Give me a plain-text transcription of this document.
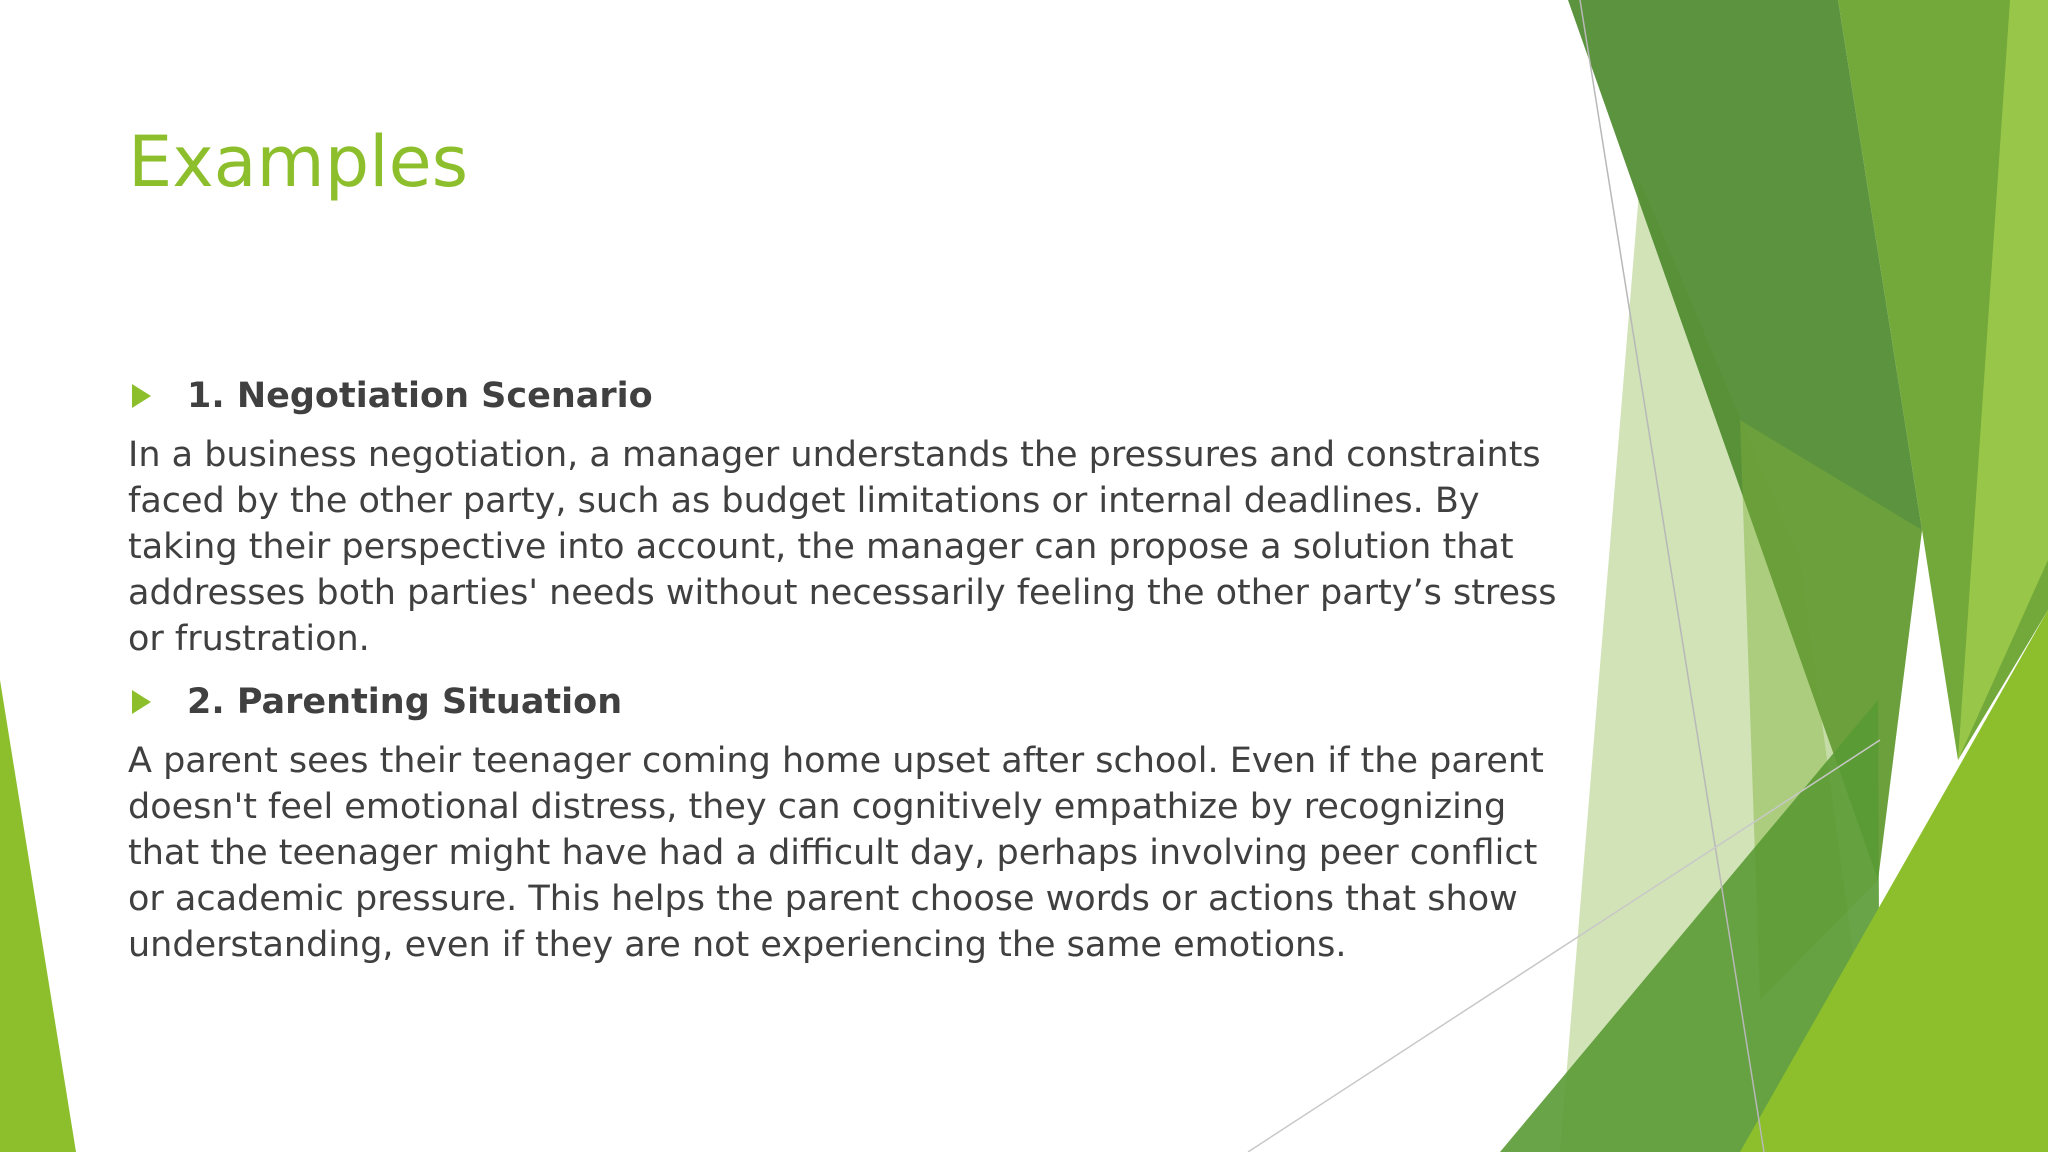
Examples
1. Negotiation Scenario

In a business negotiation, a manager understands the pressures and constraints faced by the other party, such as budget limitations or internal deadlines. By taking their perspective into account, the manager can propose a solution that addresses both parties' needs without necessarily feeling the other party’s stress or frustration.

2. Parenting Situation

A parent sees their teenager coming home upset after school. Even if the parent doesn't feel emotional distress, they can cognitively empathize by recognizing that the teenager might have had a difficult day, perhaps involving peer conflict or academic pressure. This helps the parent choose words or actions that show understanding, even if they are not experiencing the same emotions.
